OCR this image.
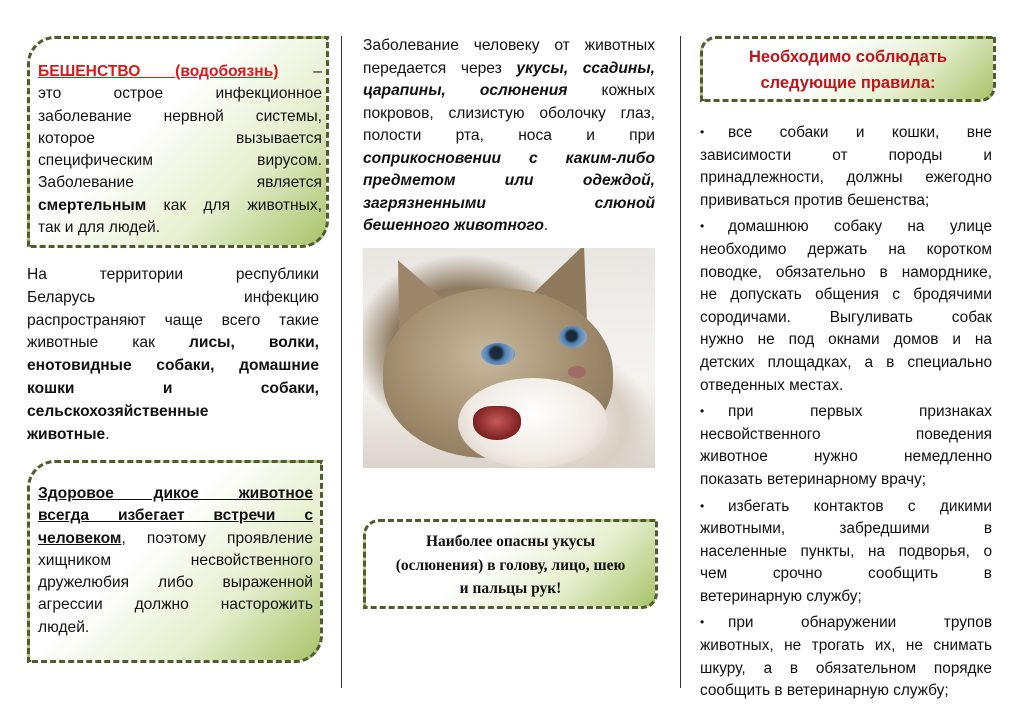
БЕШЕНСТВО (водобоязнь) –
это острое инфекционное
заболевание нервной системы,
которое вызывается
специфическим вирусом.
Заболевание является
смертельным как для животных,
так и для людей.
На территории республики
Беларусь инфекцию
распространяют чаще всего такие
животные как лисы, волки,
енотовидные собаки, домашние
кошки и собаки,
сельскохозяйственные
животные.
Здоровое дикое животное
всегда избегает встречи с
человеком, поэтому проявление
хищником несвойственного
дружелюбия либо выраженной
агрессии должно насторожить
людей.
Заболевание человеку от животных
передается через укусы, ссадины,
царапины, ослюнения кожных
покровов, слизистую оболочку глаз,
полости рта, носа и при
соприкосновении с каким-либо
предметом или одеждой,
загрязненными слюной
бешенного животного.
Наиболее опасны укусы
(ослюнения) в голову, лицо, шею
и пальцы рук!
Необходимо соблюдать
следующие правила:
• все собаки и кошки, вне
зависимости от породы и
принадлежности, должны ежегодно
прививаться против бешенства;
• домашнюю собаку на улице
необходимо держать на коротком
поводке, обязательно в наморднике,
не допускать общения с бродячими
сородичами. Выгуливать собак
нужно не под окнами домов и на
детских площадках, а в специально
отведенных местах.
• при первых признаках
несвойственного поведения
животное нужно немедленно
показать ветеринарному врачу;
• избегать контактов с дикими
животными, забредшими в
населенные пункты, на подворья, о
чем срочно сообщить в
ветеринарную службу;
• при обнаружении трупов
животных, не трогать их, не снимать
шкуру, а в обязательном порядке
сообщить в ветеринарную службу;
